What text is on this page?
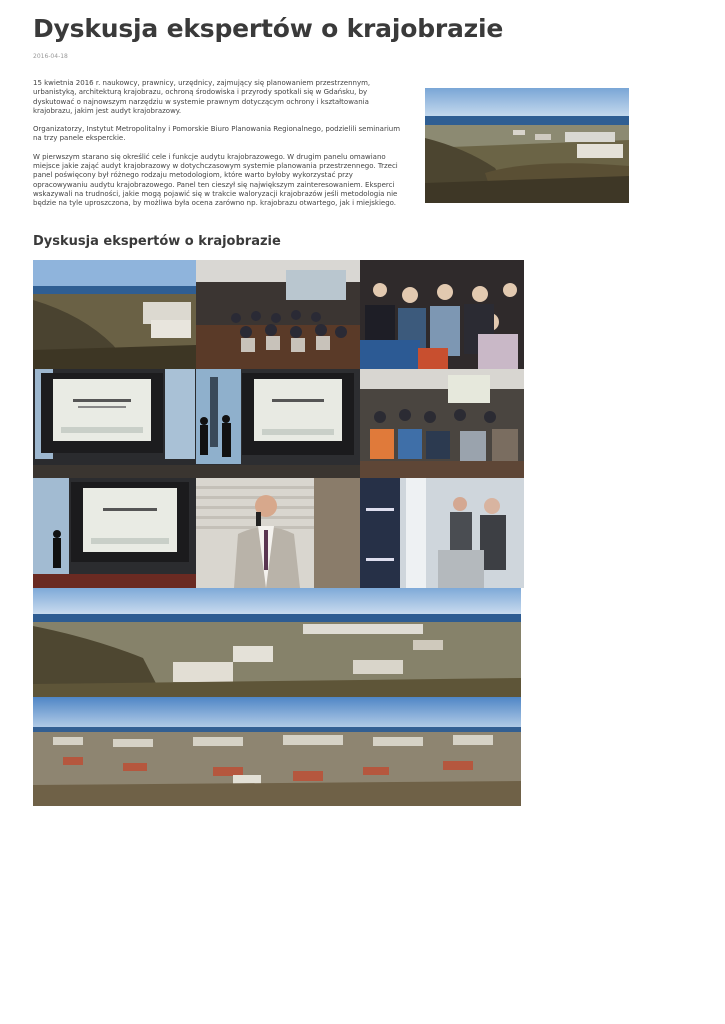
Dyskusja ekspertów o krajobrazie
2016-04-18

15 kwietnia 2016 r. naukowcy, prawnicy, urzędnicy, zajmujący się planowaniem przestrzennym, urbanistyką, architekturą krajobrazu, ochroną środowiska i przyrody spotkali się w Gdańsku, by dyskutować o najnowszym narzędziu w systemie prawnym dotyczącym ochrony i kształtowania krajobrazu, jakim jest audyt krajobrazowy.

Organizatorzy, Instytut Metropolitalny i Pomorskie Biuro Planowania Regionalnego, podzielili seminarium na trzy panele eksperckie.

W pierwszym starano się określić cele i funkcje audytu krajobrazowego. W drugim panelu omawiano miejsce jakie zająć audyt krajobrazowy w dotychczasowym systemie planowania przestrzennego. Trzeci panel poświęcony był różnego rodzaju metodologiom, które warto byłoby wykorzystać przy opracowywaniu audytu krajobrazowego. Panel ten cieszył się największym zainteresowaniem. Eksperci wskazywali na trudności, jakie mogą pojawić się w trakcie waloryzacji krajobrazów jeśli metodologia nie będzie na tyle uproszczona, by możliwa była ocena zarówno np. krajobrazu otwartego, jak i miejskiego.

Dyskusja ekspertów o krajobrazie
